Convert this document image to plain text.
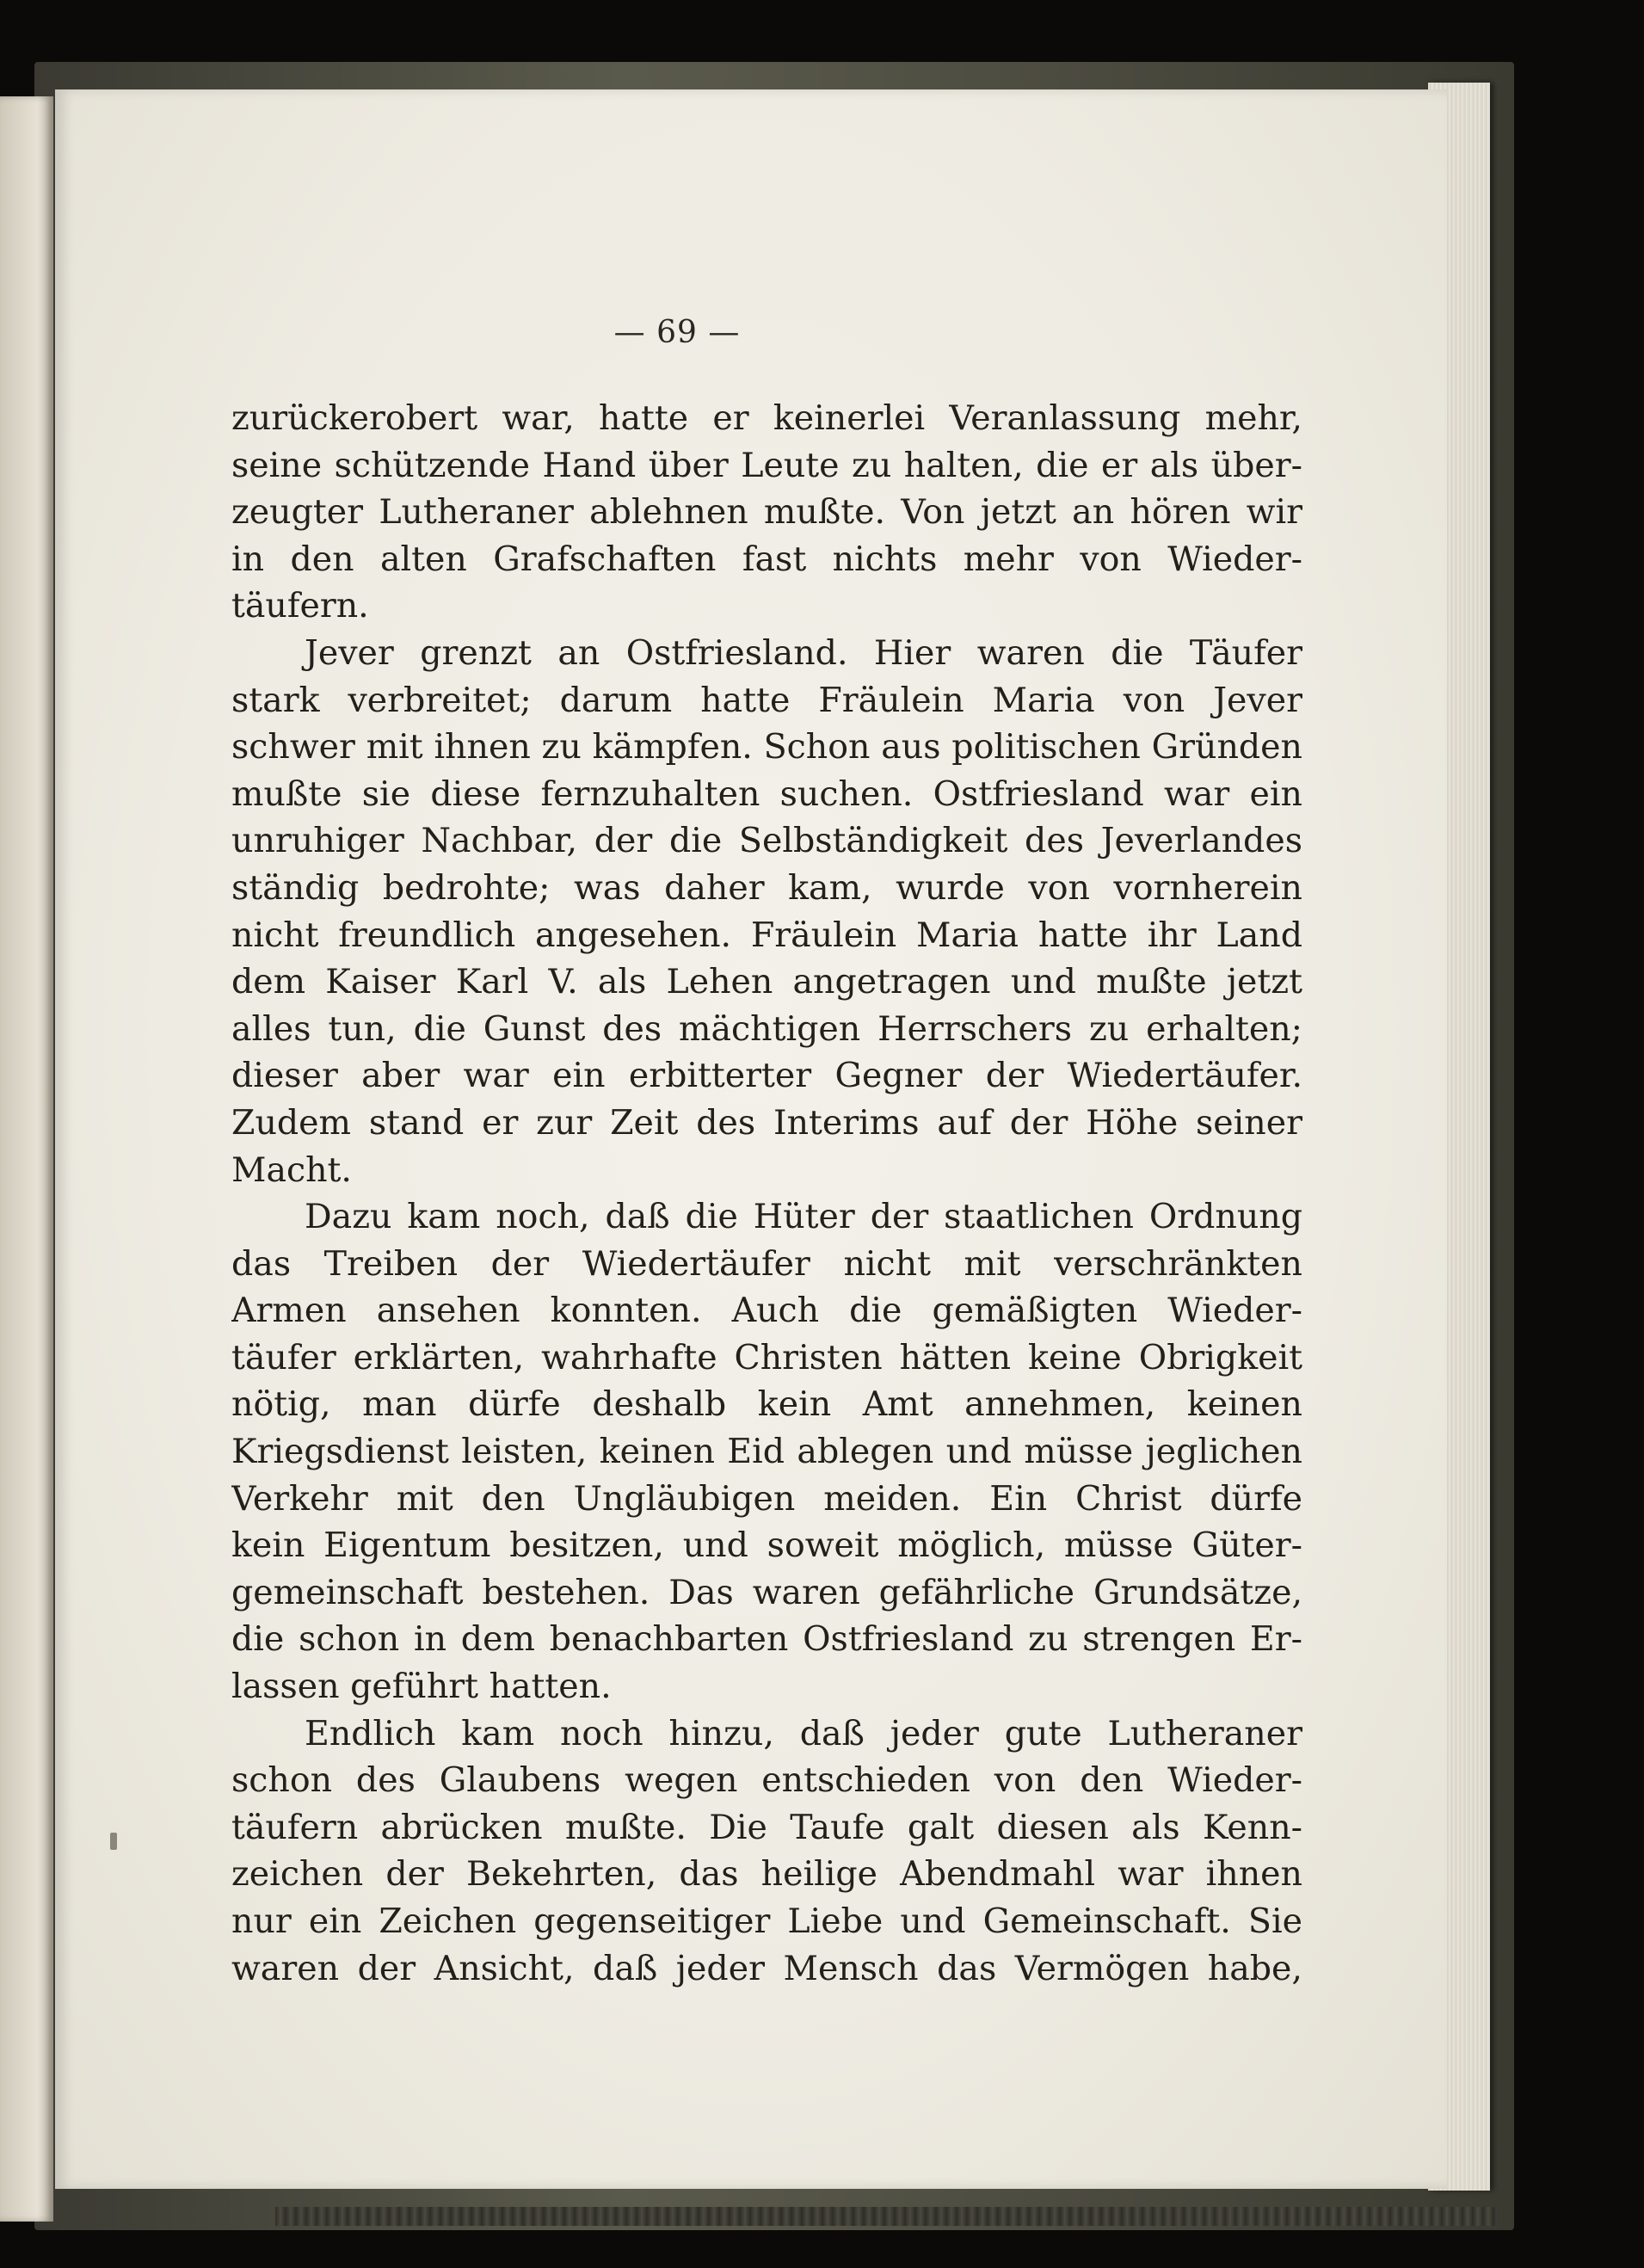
— 69 —
zurückerobert war, hatte er keinerlei Veranlassung mehr,
seine schützende Hand über Leute zu halten, die er als über-
zeugter Lutheraner ablehnen mußte. Von jetzt an hören wir
in den alten Grafschaften fast nichts mehr von Wieder-
täufern.
Jever grenzt an Ostfriesland. Hier waren die Täufer
stark verbreitet; darum hatte Fräulein Maria von Jever
schwer mit ihnen zu kämpfen. Schon aus politischen Gründen
mußte sie diese fernzuhalten suchen. Ostfriesland war ein
unruhiger Nachbar, der die Selbständigkeit des Jeverlandes
ständig bedrohte; was daher kam, wurde von vornherein
nicht freundlich angesehen. Fräulein Maria hatte ihr Land
dem Kaiser Karl V. als Lehen angetragen und mußte jetzt
alles tun, die Gunst des mächtigen Herrschers zu erhalten;
dieser aber war ein erbitterter Gegner der Wiedertäufer.
Zudem stand er zur Zeit des Interims auf der Höhe seiner
Macht.
Dazu kam noch, daß die Hüter der staatlichen Ordnung
das Treiben der Wiedertäufer nicht mit verschränkten
Armen ansehen konnten. Auch die gemäßigten Wieder-
täufer erklärten, wahrhafte Christen hätten keine Obrigkeit
nötig, man dürfe deshalb kein Amt annehmen, keinen
Kriegsdienst leisten, keinen Eid ablegen und müsse jeglichen
Verkehr mit den Ungläubigen meiden. Ein Christ dürfe
kein Eigentum besitzen, und soweit möglich, müsse Güter-
gemeinschaft bestehen. Das waren gefährliche Grundsätze,
die schon in dem benachbarten Ostfriesland zu strengen Er-
lassen geführt hatten.
Endlich kam noch hinzu, daß jeder gute Lutheraner
schon des Glaubens wegen entschieden von den Wieder-
täufern abrücken mußte. Die Taufe galt diesen als Kenn-
zeichen der Bekehrten, das heilige Abendmahl war ihnen
nur ein Zeichen gegenseitiger Liebe und Gemeinschaft. Sie
waren der Ansicht, daß jeder Mensch das Vermögen habe,
